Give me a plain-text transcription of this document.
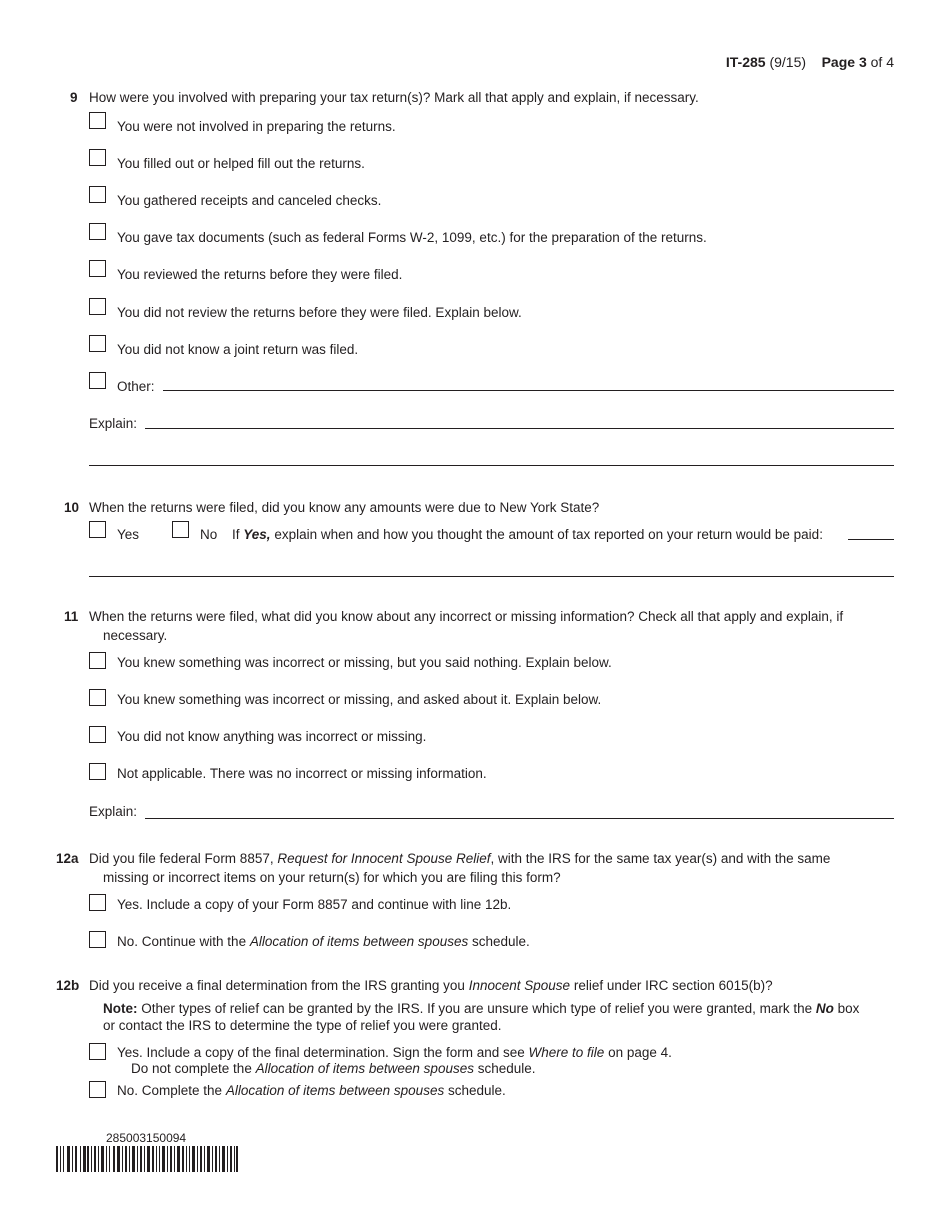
IT-285 (9/15) Page 3 of 4
9 How were you involved with preparing your tax return(s)? Mark all that apply and explain, if necessary.
You were not involved in preparing the returns.
You filled out or helped fill out the returns.
You gathered receipts and canceled checks.
You gave tax documents (such as federal Forms W-2, 1099, etc.) for the preparation of the returns.
You reviewed the returns before they were filed.
You did not review the returns before they were filed. Explain below.
You did not know a joint return was filed.
Other:
Explain:
10 When the returns were filed, did you know any amounts were due to New York State?
Yes	No If Yes, explain when and how you thought the amount of tax reported on your return would be paid:
11 When the returns were filed, what did you know about any incorrect or missing information? Check all that apply and explain, if
necessary.
You knew something was incorrect or missing, but you said nothing. Explain below.
You knew something was incorrect or missing, and asked about it. Explain below.
You did not know anything was incorrect or missing.
Not applicable. There was no incorrect or missing information.
Explain:
12a Did you file federal Form 8857, Request for Innocent Spouse Relief, with the IRS for the same tax year(s) and with the same
missing or incorrect items on your return(s) for which you are filing this form?
Yes. Include a copy of your Form 8857 and continue with line 12b.
No. Continue with the Allocation of items between spouses schedule.
12b Did you receive a final determination from the IRS granting you Innocent Spouse relief under IRC section 6015(b)?
Note: Other types of relief can be granted by the IRS. If you are unsure which type of relief you were granted, mark the No box
or contact the IRS to determine the type of relief you were granted.
Yes. Include a copy of the final determination. Sign the form and see Where to file on page 4.
Do not complete the Allocation of items between spouses schedule.
No. Complete the Allocation of items between spouses schedule.
285003150094
